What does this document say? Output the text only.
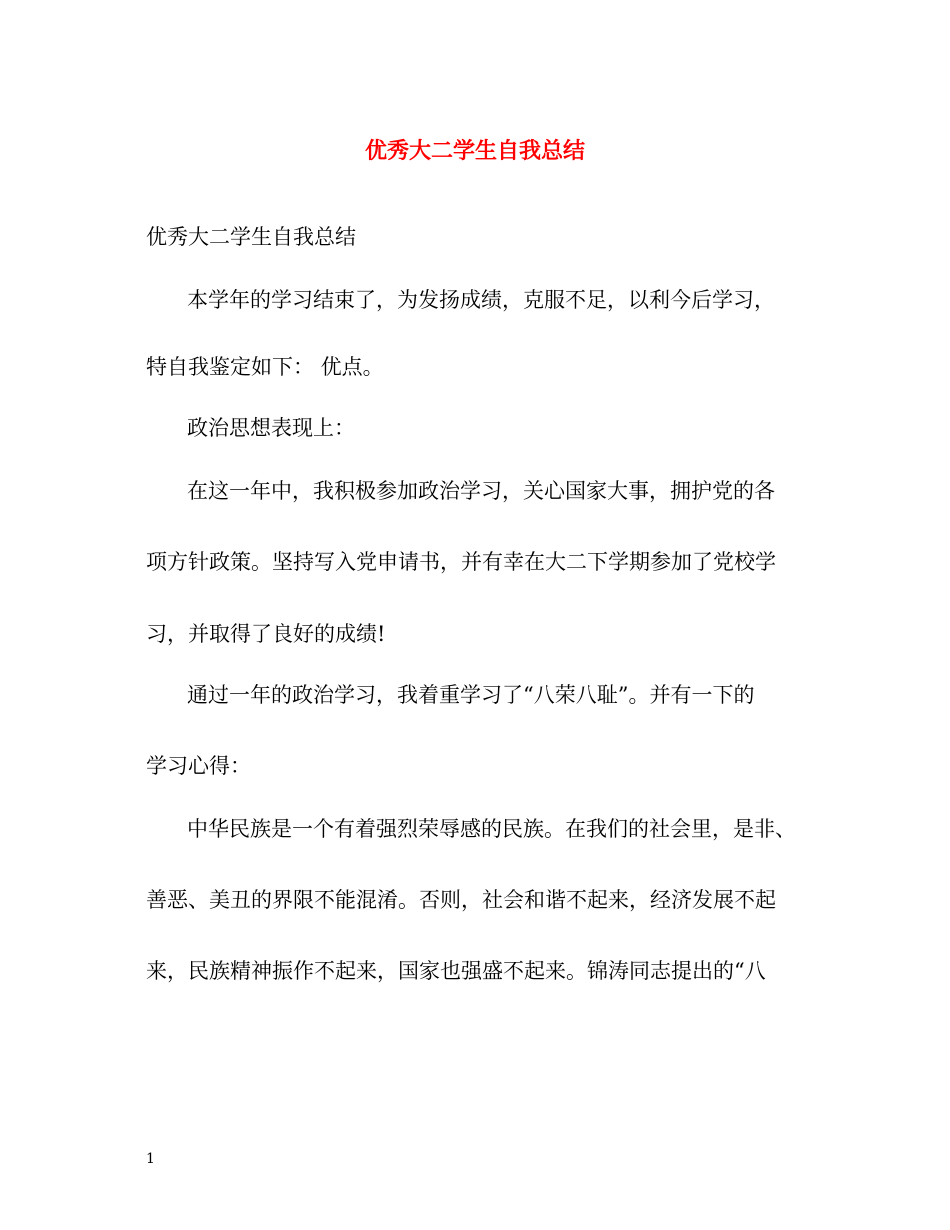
优秀大二学生自我总结

优秀大二学生自我总结

本学年的学习结束了，为发扬成绩，克服不足，以利今后学习，

特自我鉴定如下： 优点。

政治思想表现上：

在这一年中，我积极参加政治学习，关心国家大事，拥护党的各

项方针政策。坚持写入党申请书，并有幸在大二下学期参加了党校学

习，并取得了良好的成绩!

通过一年的政治学习，我着重学习了“八荣八耻”。并有一下的

学习心得：

中华民族是一个有着强烈荣辱感的民族。在我们的社会里，是非、

善恶、美丑的界限不能混淆。否则，社会和谐不起来，经济发展不起

来，民族精神振作不起来，国家也强盛不起来。锦涛同志提出的“八

1
